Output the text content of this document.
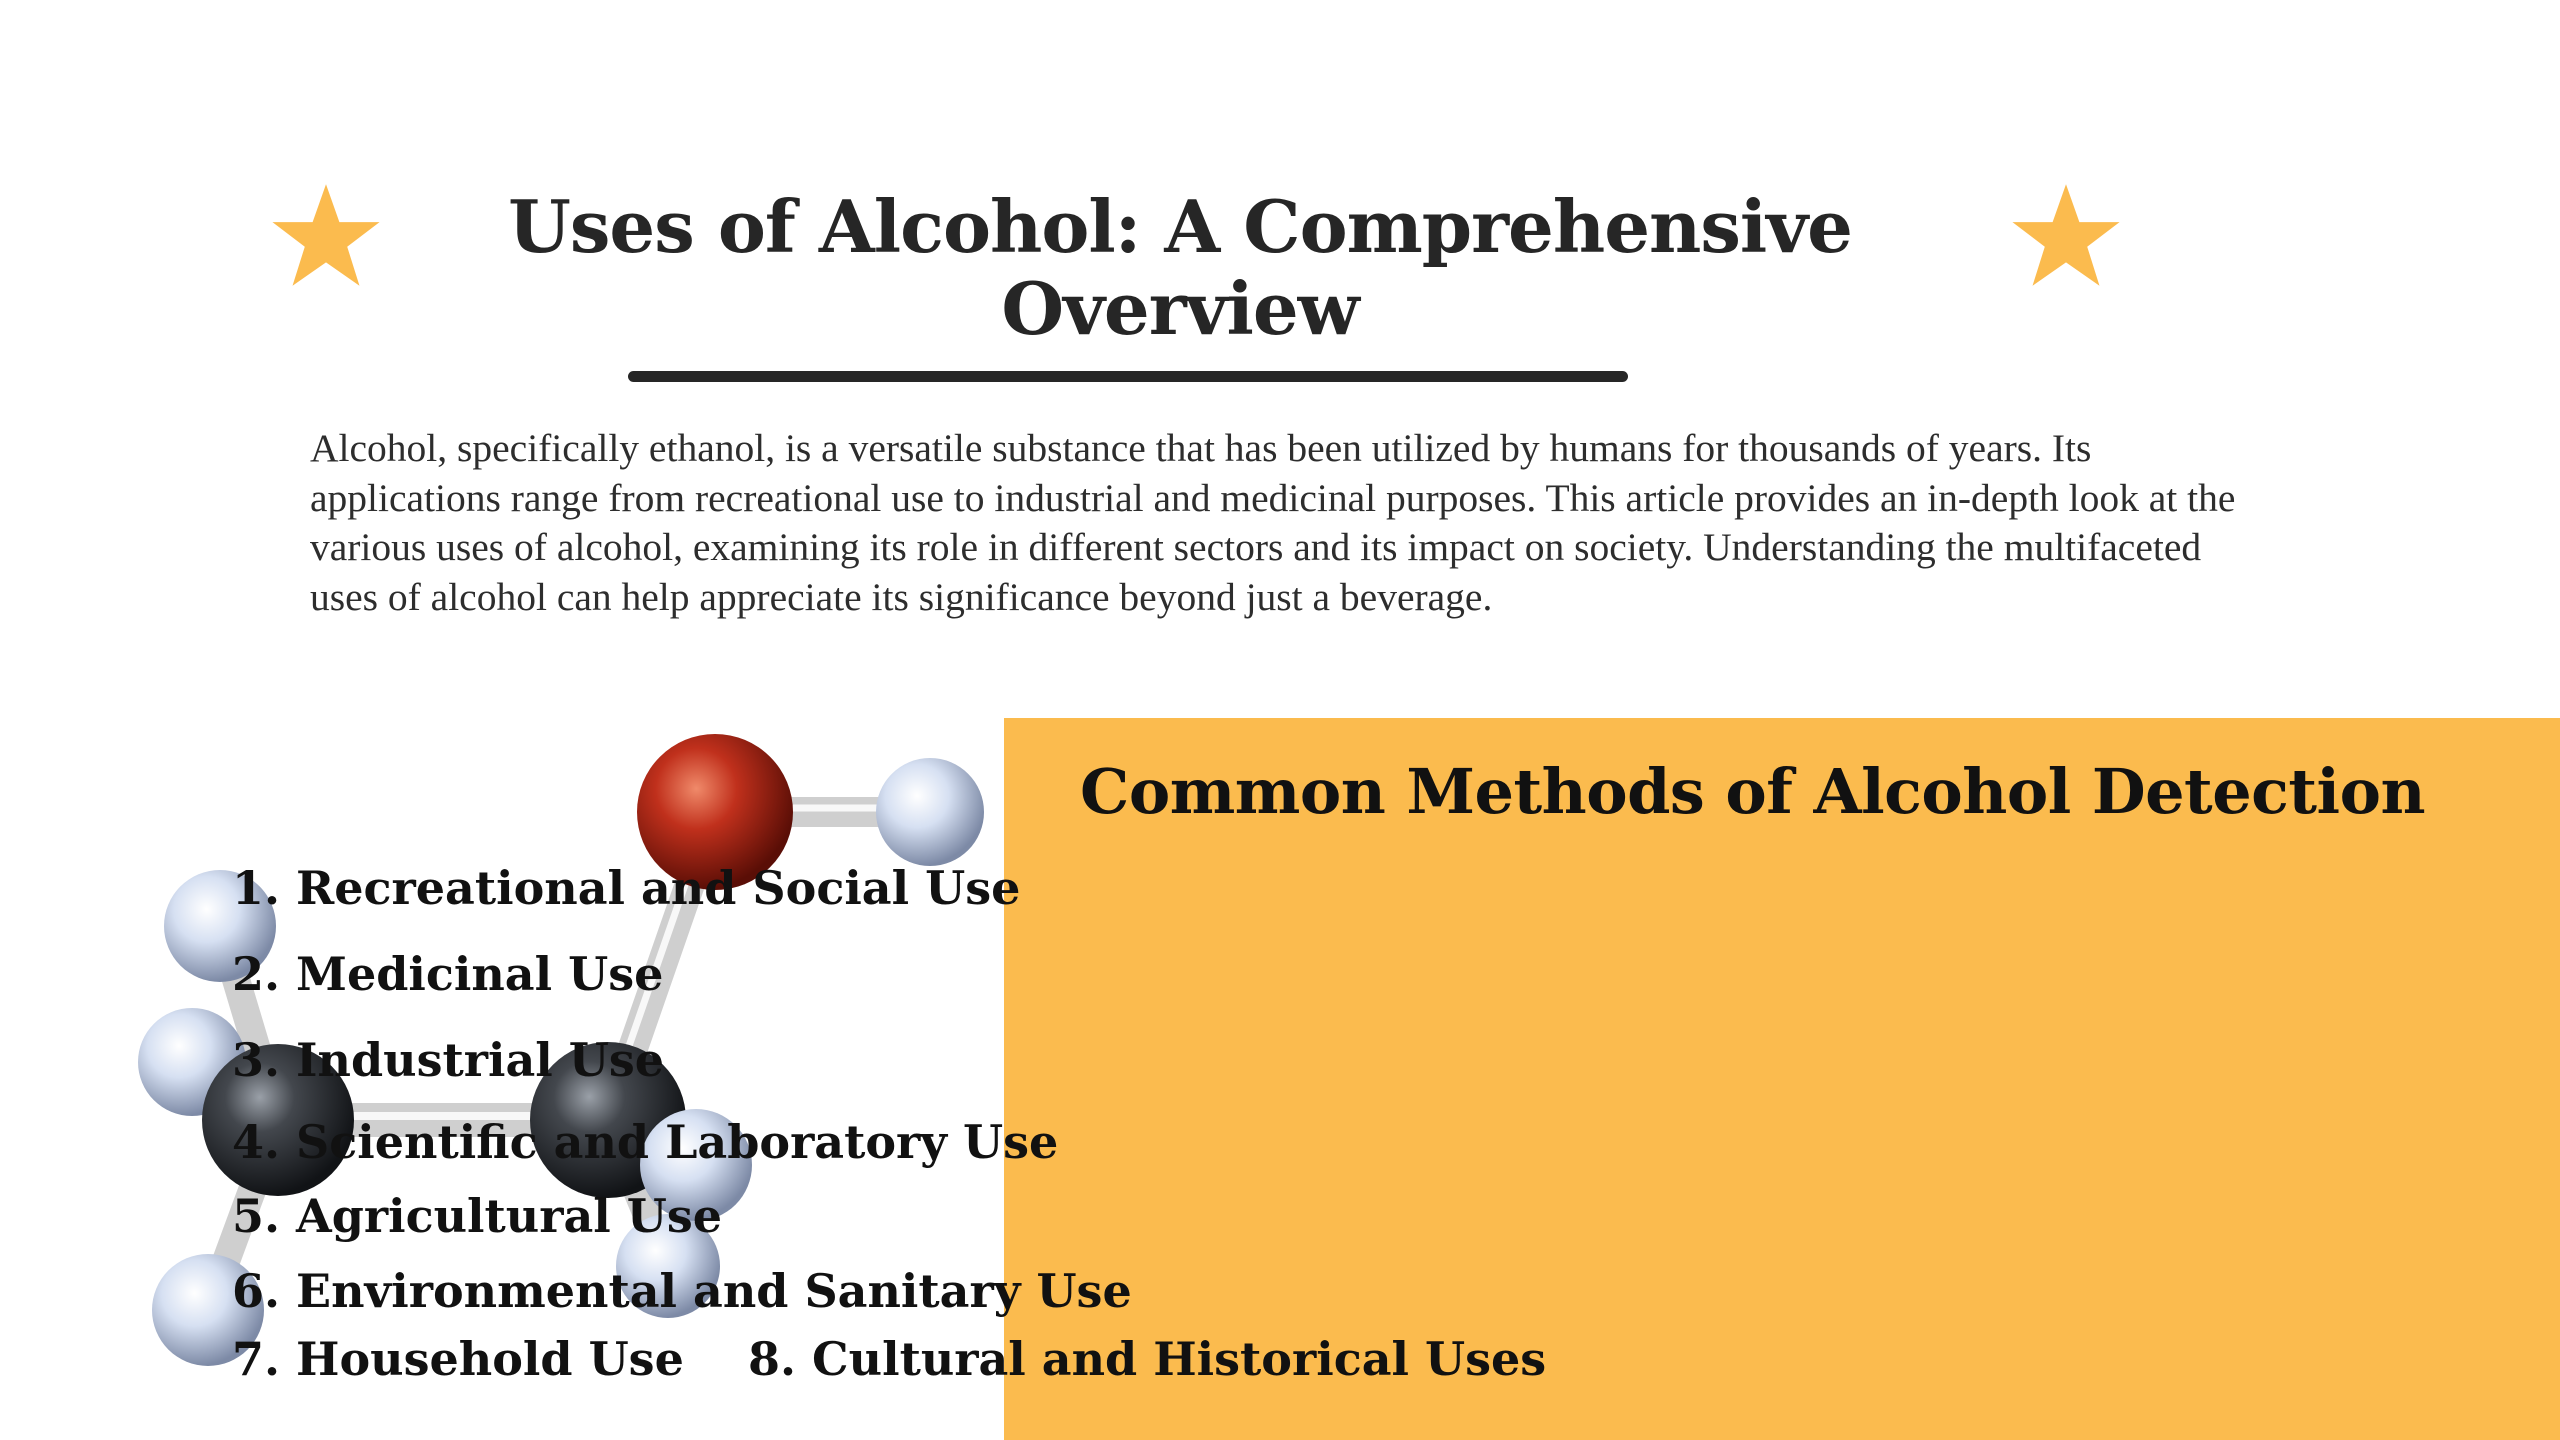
Uses of Alcohol: A Comprehensive Overview

Alcohol, specifically ethanol, is a versatile substance that has been utilized by humans for thousands of years. Its applications range from recreational use to industrial and medicinal purposes. This article provides an in-depth look at the various uses of alcohol, examining its role in different sectors and its impact on society. Understanding the multifaceted uses of alcohol can help appreciate its significance beyond just a beverage.

Common Methods of Alcohol Detection
1. Recreational and Social Use
2. Medicinal Use
3. Industrial Use
4. Scientific and Laboratory Use
5. Agricultural Use
6. Environmental and Sanitary Use
7. Household Use 8. Cultural and Historical Uses
